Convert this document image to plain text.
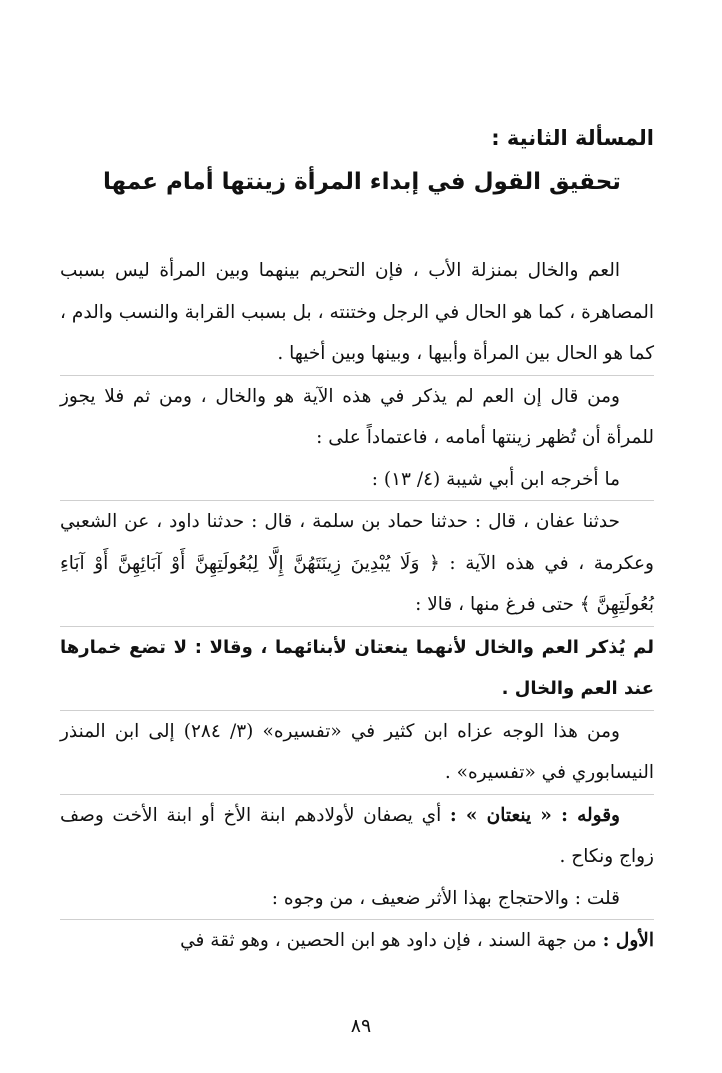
المسألة الثانية :
تحقيق القول في إبداء المرأة زينتها أمام عمها

العم والخال بمنزلة الأب ، فإن التحريم بينهما وبين المرأة ليس بسبب المصاهرة ، كما هو الحال في الرجل وختنته ، بل بسبب القرابة والنسب والدم ، كما هو الحال بين المرأة وأبيها ، وبينها وبين أخيها .

ومن قال إن العم لم يذكر في هذه الآية هو والخال ، ومن ثم فلا يجوز للمرأة أن تُظهر زينتها أمامه ، فاعتماداً على :

ما أخرجه ابن أبي شيبة (٤/ ١٣) :

حدثنا عفان ، قال : حدثنا حماد بن سلمة ، قال : حدثنا داود ، عن الشعبي وعكرمة ، في هذه الآية : ﴿ وَلَا يُبْدِينَ زِينَتَهُنَّ إِلَّا لِبُعُولَتِهِنَّ أَوْ آبَائِهِنَّ أَوْ آبَاءِ بُعُولَتِهِنَّ ﴾ حتى فرغ منها ، قالا :

لم يُذكر العم والخال لأنهما ينعتان لأبنائهما ، وقالا : لا تضع خمارها عند العم والخال .

ومن هذا الوجه عزاه ابن كثير في «تفسيره» (٣/ ٢٨٤) إلى ابن المنذر النيسابوري في «تفسيره» .

وقوله : « ينعتان » : أي يصفان لأولادهم ابنة الأخ أو ابنة الأخت وصف زواج ونكاح .

قلت : والاحتجاج بهذا الأثر ضعيف ، من وجوه :

الأول : من جهة السند ، فإن داود هو ابن الحصين ، وهو ثقة في

٨٩
